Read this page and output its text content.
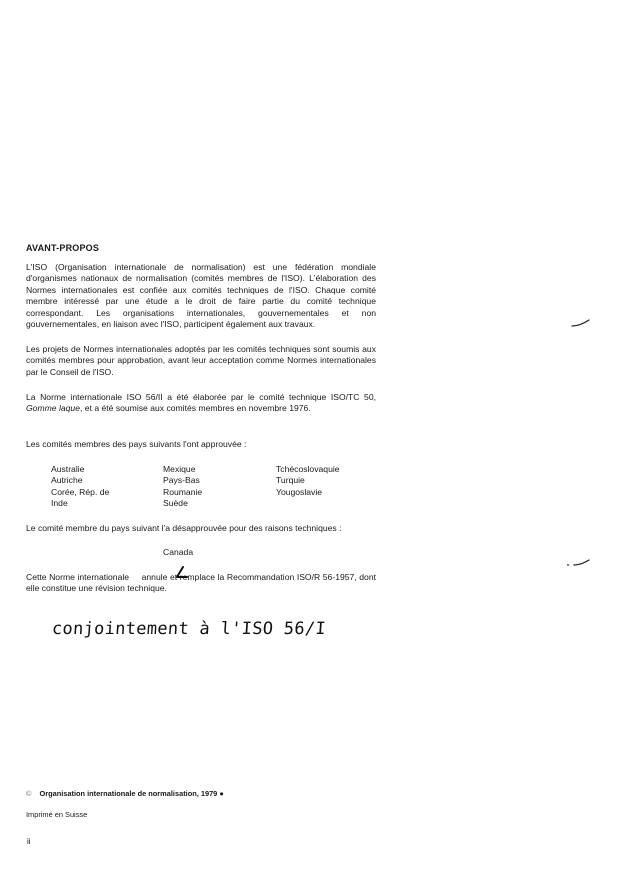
AVANT-PROPOS
L'ISO (Organisation internationale de normalisation) est une fédération mondiale d'organismes nationaux de normalisation (comités membres de l'ISO). L'élaboration des Normes internationales est confiée aux comités techniques de l'ISO. Chaque comité membre intéressé par une étude a le droit de faire partie du comité technique correspondant. Les organisations internationales, gouvernementales et non gouvernementales, en liaison avec l'ISO, participent également aux travaux.
Les projets de Normes internationales adoptés par les comités techniques sont soumis aux comités membres pour approbation, avant leur acceptation comme Normes internationales par le Conseil de l'ISO.
La Norme internationale ISO 56/II a été élaborée par le comité technique ISO/TC 50, Gomme laque, et a été soumise aux comités membres en novembre 1976.
Les comités membres des pays suivants l'ont approuvée :
Australie
Autriche
Corée, Rép. de
Inde
Mexique
Pays-Bas
Roumanie
Suède
Tchécoslovaquie
Turquie
Yougoslavie
Le comité membre du pays suivant l'a désapprouvée pour des raisons techniques :
Canada
Cette Norme internationale annule et remplace la Recommandation ISO/R 56-1957, dont elle constitue une révision technique.
conjointement à l'ISO 56/I
© Organisation internationale de normalisation, 1979 ●
Imprimé en Suisse
ii
